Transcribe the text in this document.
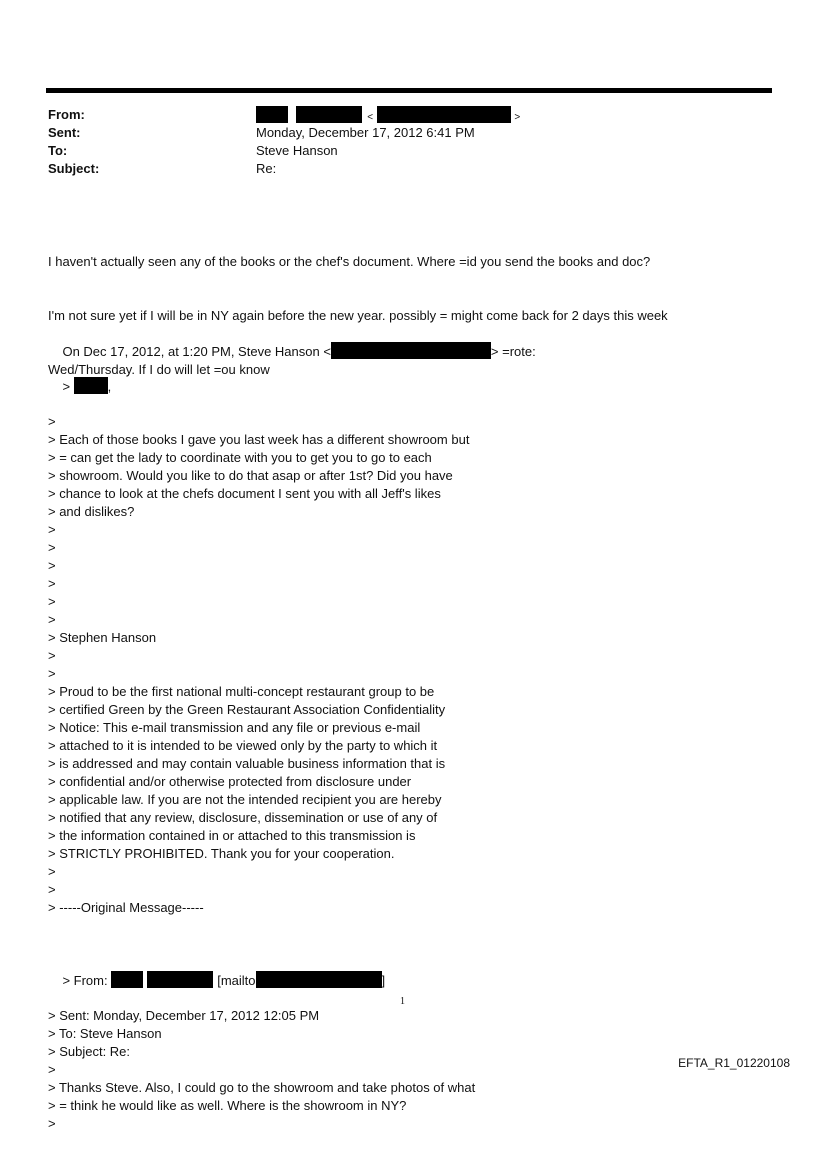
From:	<	>
Sent:	Monday, December 17, 2012 6:41 PM
To:	Steve Hanson
Subject:	Re:

I haven't actually seen any of the books or the chef's document. Where =id you send the books and doc?

I'm not sure yet if I will be in NY again before the new year. possibly = might come back for 2 days this week

Wed/Thursday. If I do will let =ou know

On Dec 17, 2012, at 1:20 PM, Steve Hanson <	> =rote:

>	,

>
> Each of those books I gave you last week has a different showroom but
> = can get the lady to coordinate with you to get you to go to each
> showroom. Would you like to do that asap or after 1st? Did you have
> chance to look at the chefs document I sent you with all Jeff's likes
> and dislikes?
>
>
>
>
>
>
> Stephen Hanson
>
>
> Proud to be the first national multi-concept restaurant group to be
> certified Green by the Green Restaurant Association Confidentiality
> Notice: This e-mail transmission and any file or previous e-mail
> attached to it is intended to be viewed only by the party to which it
> is addressed and may contain valuable business information that is
> confidential and/or otherwise protected from disclosure under
> applicable law. If you are not the intended recipient you are hereby
> notified that any review, disclosure, dissemination or use of any of
> the information contained in or attached to this transmission is
> STRICTLY PROHIBITED. Thank you for your cooperation.
>
>
> -----Original Message-----

> From:	[mailto	]

> Sent: Monday, December 17, 2012 12:05 PM
> To: Steve Hanson
> Subject: Re:
>
> Thanks Steve. Also, I could go to the showroom and take photos of what
> = think he would like as well. Where is the showroom in NY?
>

1
EFTA_R1_01220108
